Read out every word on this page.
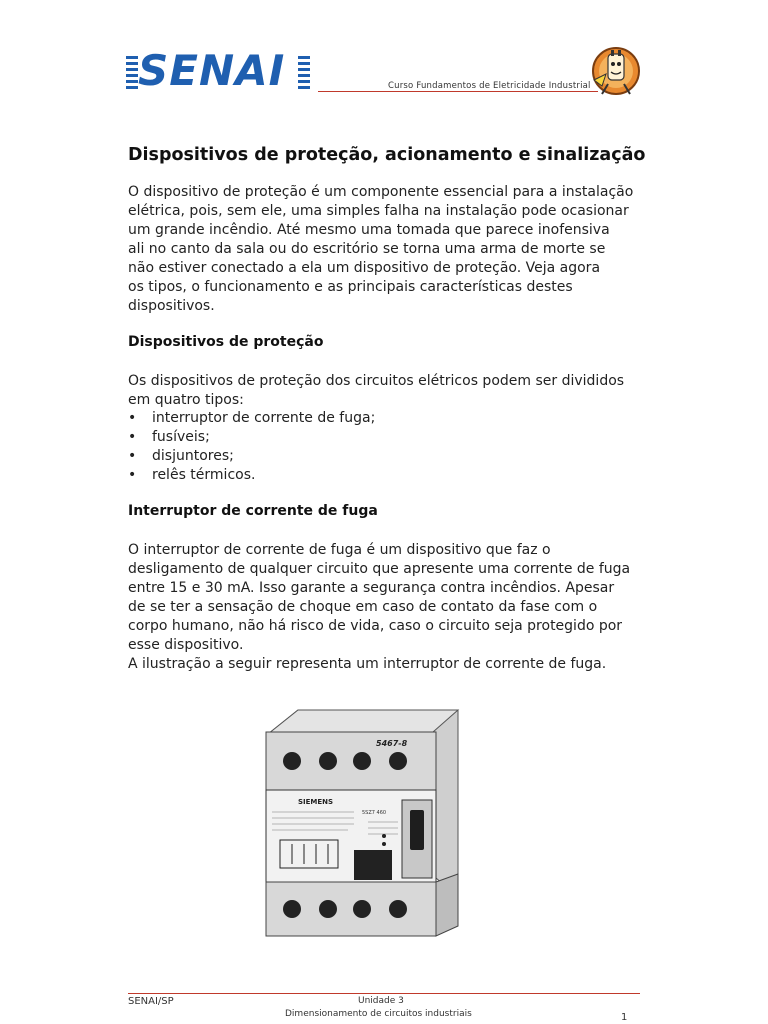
SENAI	Curso Fundamentos de Eletricidade Industrial
Dispositivos de proteção, acionamento e sinalização
O dispositivo de proteção é um componente essencial para a instalação
elétrica, pois, sem ele, uma simples falha na instalação pode ocasionar
um grande incêndio. Até mesmo uma tomada que parece inofensiva
ali no canto da sala ou do escritório se torna uma arma de morte se
não estiver conectado a ela um dispositivo de proteção. Veja agora
os tipos, o funcionamento e as principais características destes
dispositivos.
Dispositivos de proteção
Os dispositivos de proteção dos circuitos elétricos podem ser divididos
em quatro tipos:
• interruptor de corrente de fuga;
• fusíveis;
• disjuntores;
• relês térmicos.
Interruptor de corrente de fuga
O interruptor de corrente de fuga é um dispositivo que faz o
desligamento de qualquer circuito que apresente uma corrente de fuga
entre 15 e 30 mA. Isso garante a segurança contra incêndios. Apesar
de se ter a sensação de choque em caso de contato da fase com o
corpo humano, não há risco de vida, caso o circuito seja protegido por
esse dispositivo.
A ilustração a seguir representa um interruptor de corrente de fuga.
5467-8
SIEMENS
5SZ7 460
SENAI/SP	Unidade 3
Dimensionamento de circuitos industriais	1
